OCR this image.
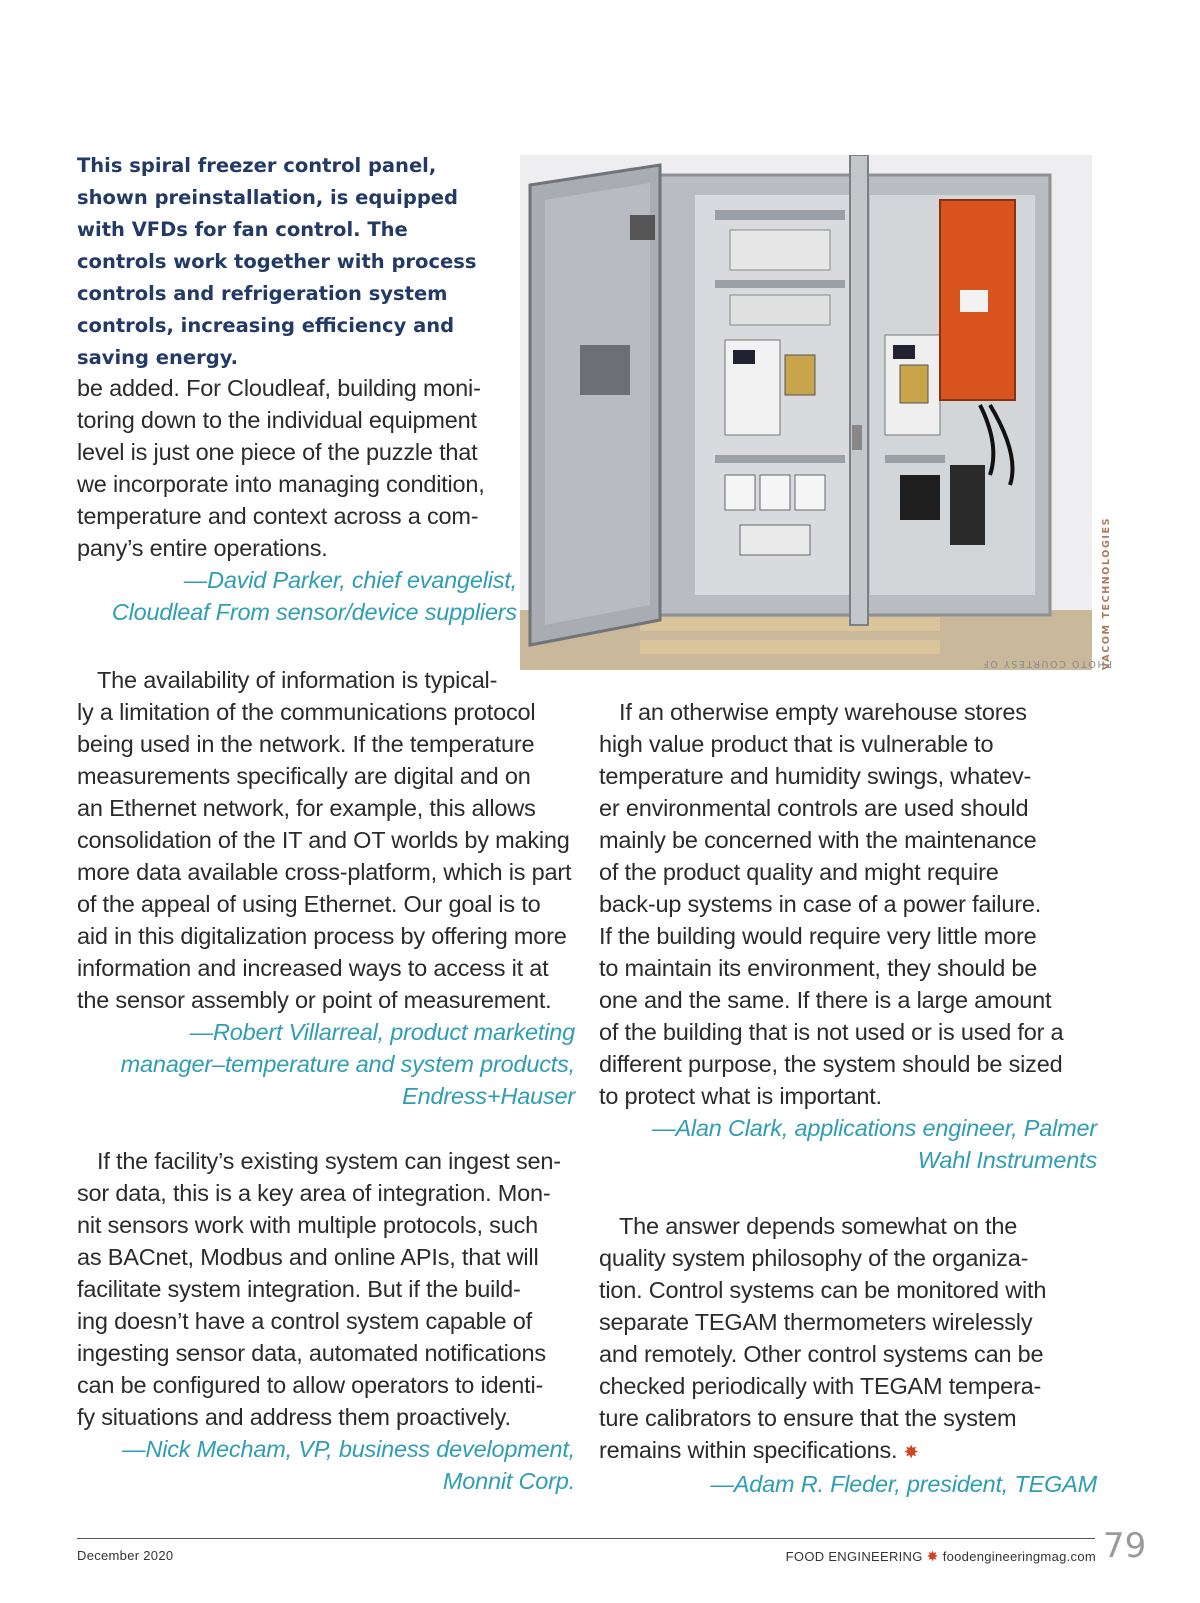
This spiral freezer control panel, shown preinstallation, is equipped with VFDs for fan control. The controls work together with process controls and refrigeration system controls, increasing efficiency and saving energy.
PHOTO COURTESY OF
VACOM TECHNOLOGIES

be added. For Cloudleaf, building moni-

toring down to the individual equipment

level is just one piece of the puzzle that

we incorporate into managing condition,

temperature and context across a com-

pany’s entire operations.

—David Parker, chief evangelist,

Cloudleaf From sensor/device suppliers

The availability of information is typical-

ly a limitation of the communications protocol

being used in the network. If the temperature

measurements specifically are digital and on

an Ethernet network, for example, this allows

consolidation of the IT and OT worlds by making

more data available cross-platform, which is part

of the appeal of using Ethernet. Our goal is to

aid in this digitalization process by offering more

information and increased ways to access it at

the sensor assembly or point of measurement.

—Robert Villarreal, product marketing

manager–temperature and system products,

Endress+Hauser

If the facility’s existing system can ingest sen-

sor data, this is a key area of integration. Mon-

nit sensors work with multiple protocols, such

as BACnet, Modbus and online APIs, that will

facilitate system integration. But if the build-

ing doesn’t have a control system capable of

ingesting sensor data, automated notifications

can be configured to allow operators to identi-

fy situations and address them proactively.

—Nick Mecham, VP, business development,

Monnit Corp.

If an otherwise empty warehouse stores

high value product that is vulnerable to

temperature and humidity swings, whatev-

er environmental controls are used should

mainly be concerned with the maintenance

of the product quality and might require

back-up systems in case of a power failure.

If the building would require very little more

to maintain its environment, they should be

one and the same. If there is a large amount

of the building that is not used or is used for a

different purpose, the system should be sized

to protect what is important.

—Alan Clark, applications engineer, Palmer

Wahl Instruments

The answer depends somewhat on the

quality system philosophy of the organiza-

tion. Control systems can be monitored with

separate TEGAM thermometers wirelessly

and remotely. Other control systems can be

checked periodically with TEGAM tempera-

ture calibrators to ensure that the system

remains within specifications. ✸

—Adam R. Fleder, president, TEGAM

December 2020	FOOD ENGINEERING ✸ foodengineeringmag.com 79
